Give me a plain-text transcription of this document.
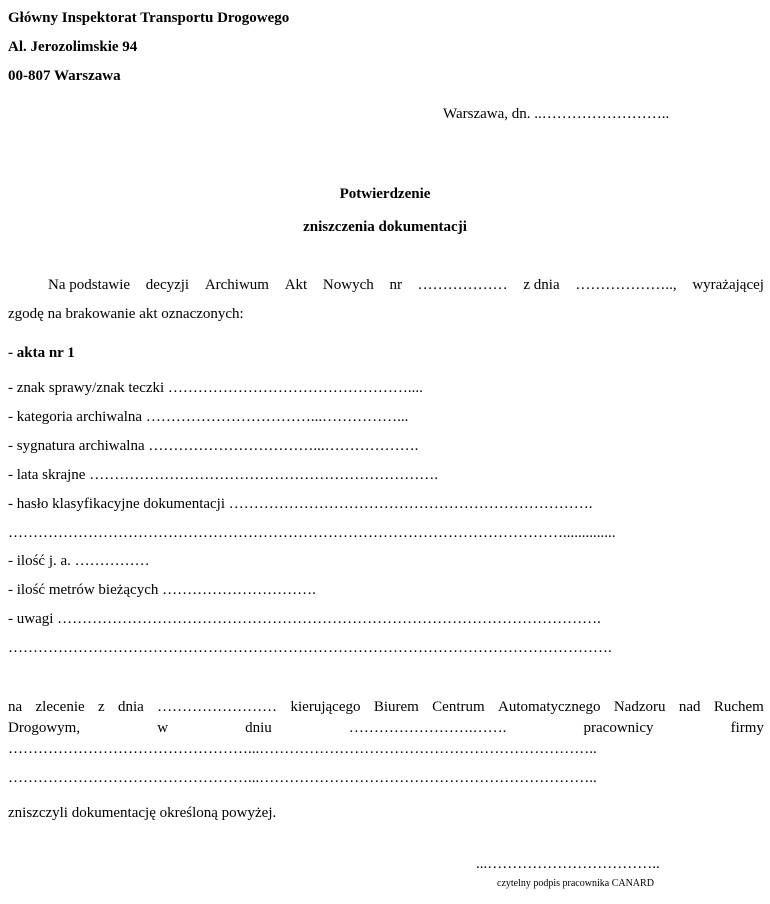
Główny Inspektorat Transportu Drogowego
Al. Jerozolimskie 94
00-807 Warszawa
Warszawa, dn. ..……………………..
Potwierdzenie
zniszczenia dokumentacji
Na podstawie decyzji Archiwum Akt Nowych nr ……………… z dnia ……………….., wyrażającej
zgodę na brakowanie akt oznaczonych:
- akta nr 1
- znak sprawy/znak teczki …………………………………………....
- kategoria archiwalna ……………………………...……………...
- sygnatura archiwalna ……………………………...……………….
- lata skrajne …………………………………………………………….
- hasło klasyfikacyjne dokumentacji ……………………………………………………………….
…………………………………………………………………………………………………..............
- ilość j. a. ……………
- ilość metrów bieżących ………………………….
- uwagi ……………………………………………………………………………………………….
………………………………………………………………………………………………………….
na zlecenie z dnia …………………… kierującego Biurem Centrum Automatycznego Nadzoru nad Ruchem
Drogowym,	w	dniu	…………………….…….	pracownicy	firmy
…………………………………………...…………………………………………………………..
…………………………………………...…………………………………………………………..
zniszczyli dokumentację określoną powyżej.
...……………………………..
czytelny podpis pracownika CANARD
